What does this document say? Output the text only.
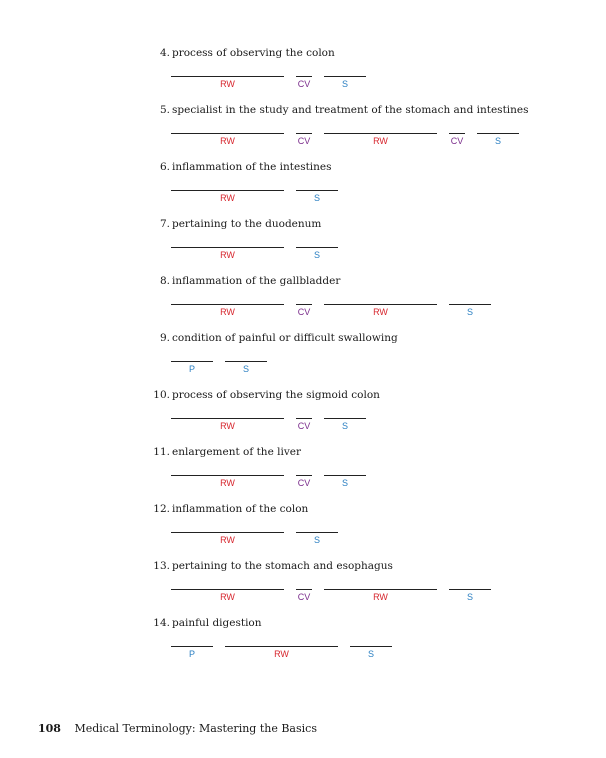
4. process of observing the colon
RW	CV	S
5. specialist in the study and treatment of the stomach and intestines
RW	CV	RW	CV	S
6. inflammation of the intestines
RW	S
7. pertaining to the duodenum
RW	S
8. inflammation of the gallbladder
RW	CV	RW	S
9. condition of painful or difficult swallowing
P	S
10. process of observing the sigmoid colon
RW	CV	S
11. enlargement of the liver
RW	CV	S
12. inflammation of the colon
RW	S
13. pertaining to the stomach and esophagus
RW	CV	RW	S
14. painful digestion
P	RW	S
108 Medical Terminology: Mastering the Basics
